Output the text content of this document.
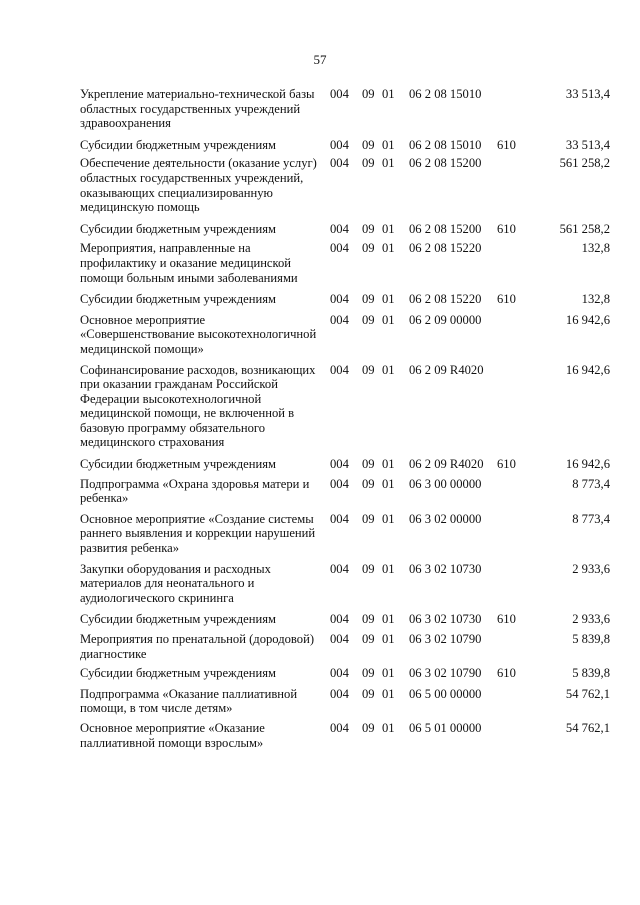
57
Укрепление материально-технической базы областных государственных учреждений здравоохранения
004 09 01 06 2 08 15010	33 513,4
Субсидии бюджетным учреждениям	004 09 01 06 2 08 15010 610	33 513,4
Обеспечение деятельности (оказание услуг) областных государственных учреждений, оказывающих специализированную медицинскую помощь
004 09 01 06 2 08 15200	561 258,2
Субсидии бюджетным учреждениям	004 09 01 06 2 08 15200 610	561 258,2
Мероприятия, направленные на профилактику и оказание медицинской помощи больным иными заболеваниями
004 09 01 06 2 08 15220	132,8
Субсидии бюджетным учреждениям	004 09 01 06 2 08 15220 610	132,8
Основное мероприятие «Совершенствование высокотехнологичной медицинской помощи»
004 09 01 06 2 09 00000	16 942,6
Софинансирование расходов, возникающих при оказании гражданам Российской Федерации высокотехнологичной медицинской помощи, не включенной в базовую программу обязательного медицинского страхования
004 09 01 06 2 09 R4020	16 942,6
Субсидии бюджетным учреждениям	004 09 01 06 2 09 R4020 610	16 942,6
Подпрограмма «Охрана здоровья матери и ребенка»
004 09 01 06 3 00 00000	8 773,4
Основное мероприятие «Создание системы раннего выявления и коррекции нарушений развития ребенка»
004 09 01 06 3 02 00000	8 773,4
Закупки оборудования и расходных материалов для неонатального и аудиологического скрининга
004 09 01 06 3 02 10730	2 933,6
Субсидии бюджетным учреждениям	004 09 01 06 3 02 10730 610	2 933,6
Мероприятия по пренатальной (дородовой) диагностике
004 09 01 06 3 02 10790	5 839,8
Субсидии бюджетным учреждениям	004 09 01 06 3 02 10790 610	5 839,8
Подпрограмма «Оказание паллиативной помощи, в том числе детям»
004 09 01 06 5 00 00000	54 762,1
Основное мероприятие «Оказание паллиативной помощи взрослым»
004 09 01 06 5 01 00000	54 762,1
